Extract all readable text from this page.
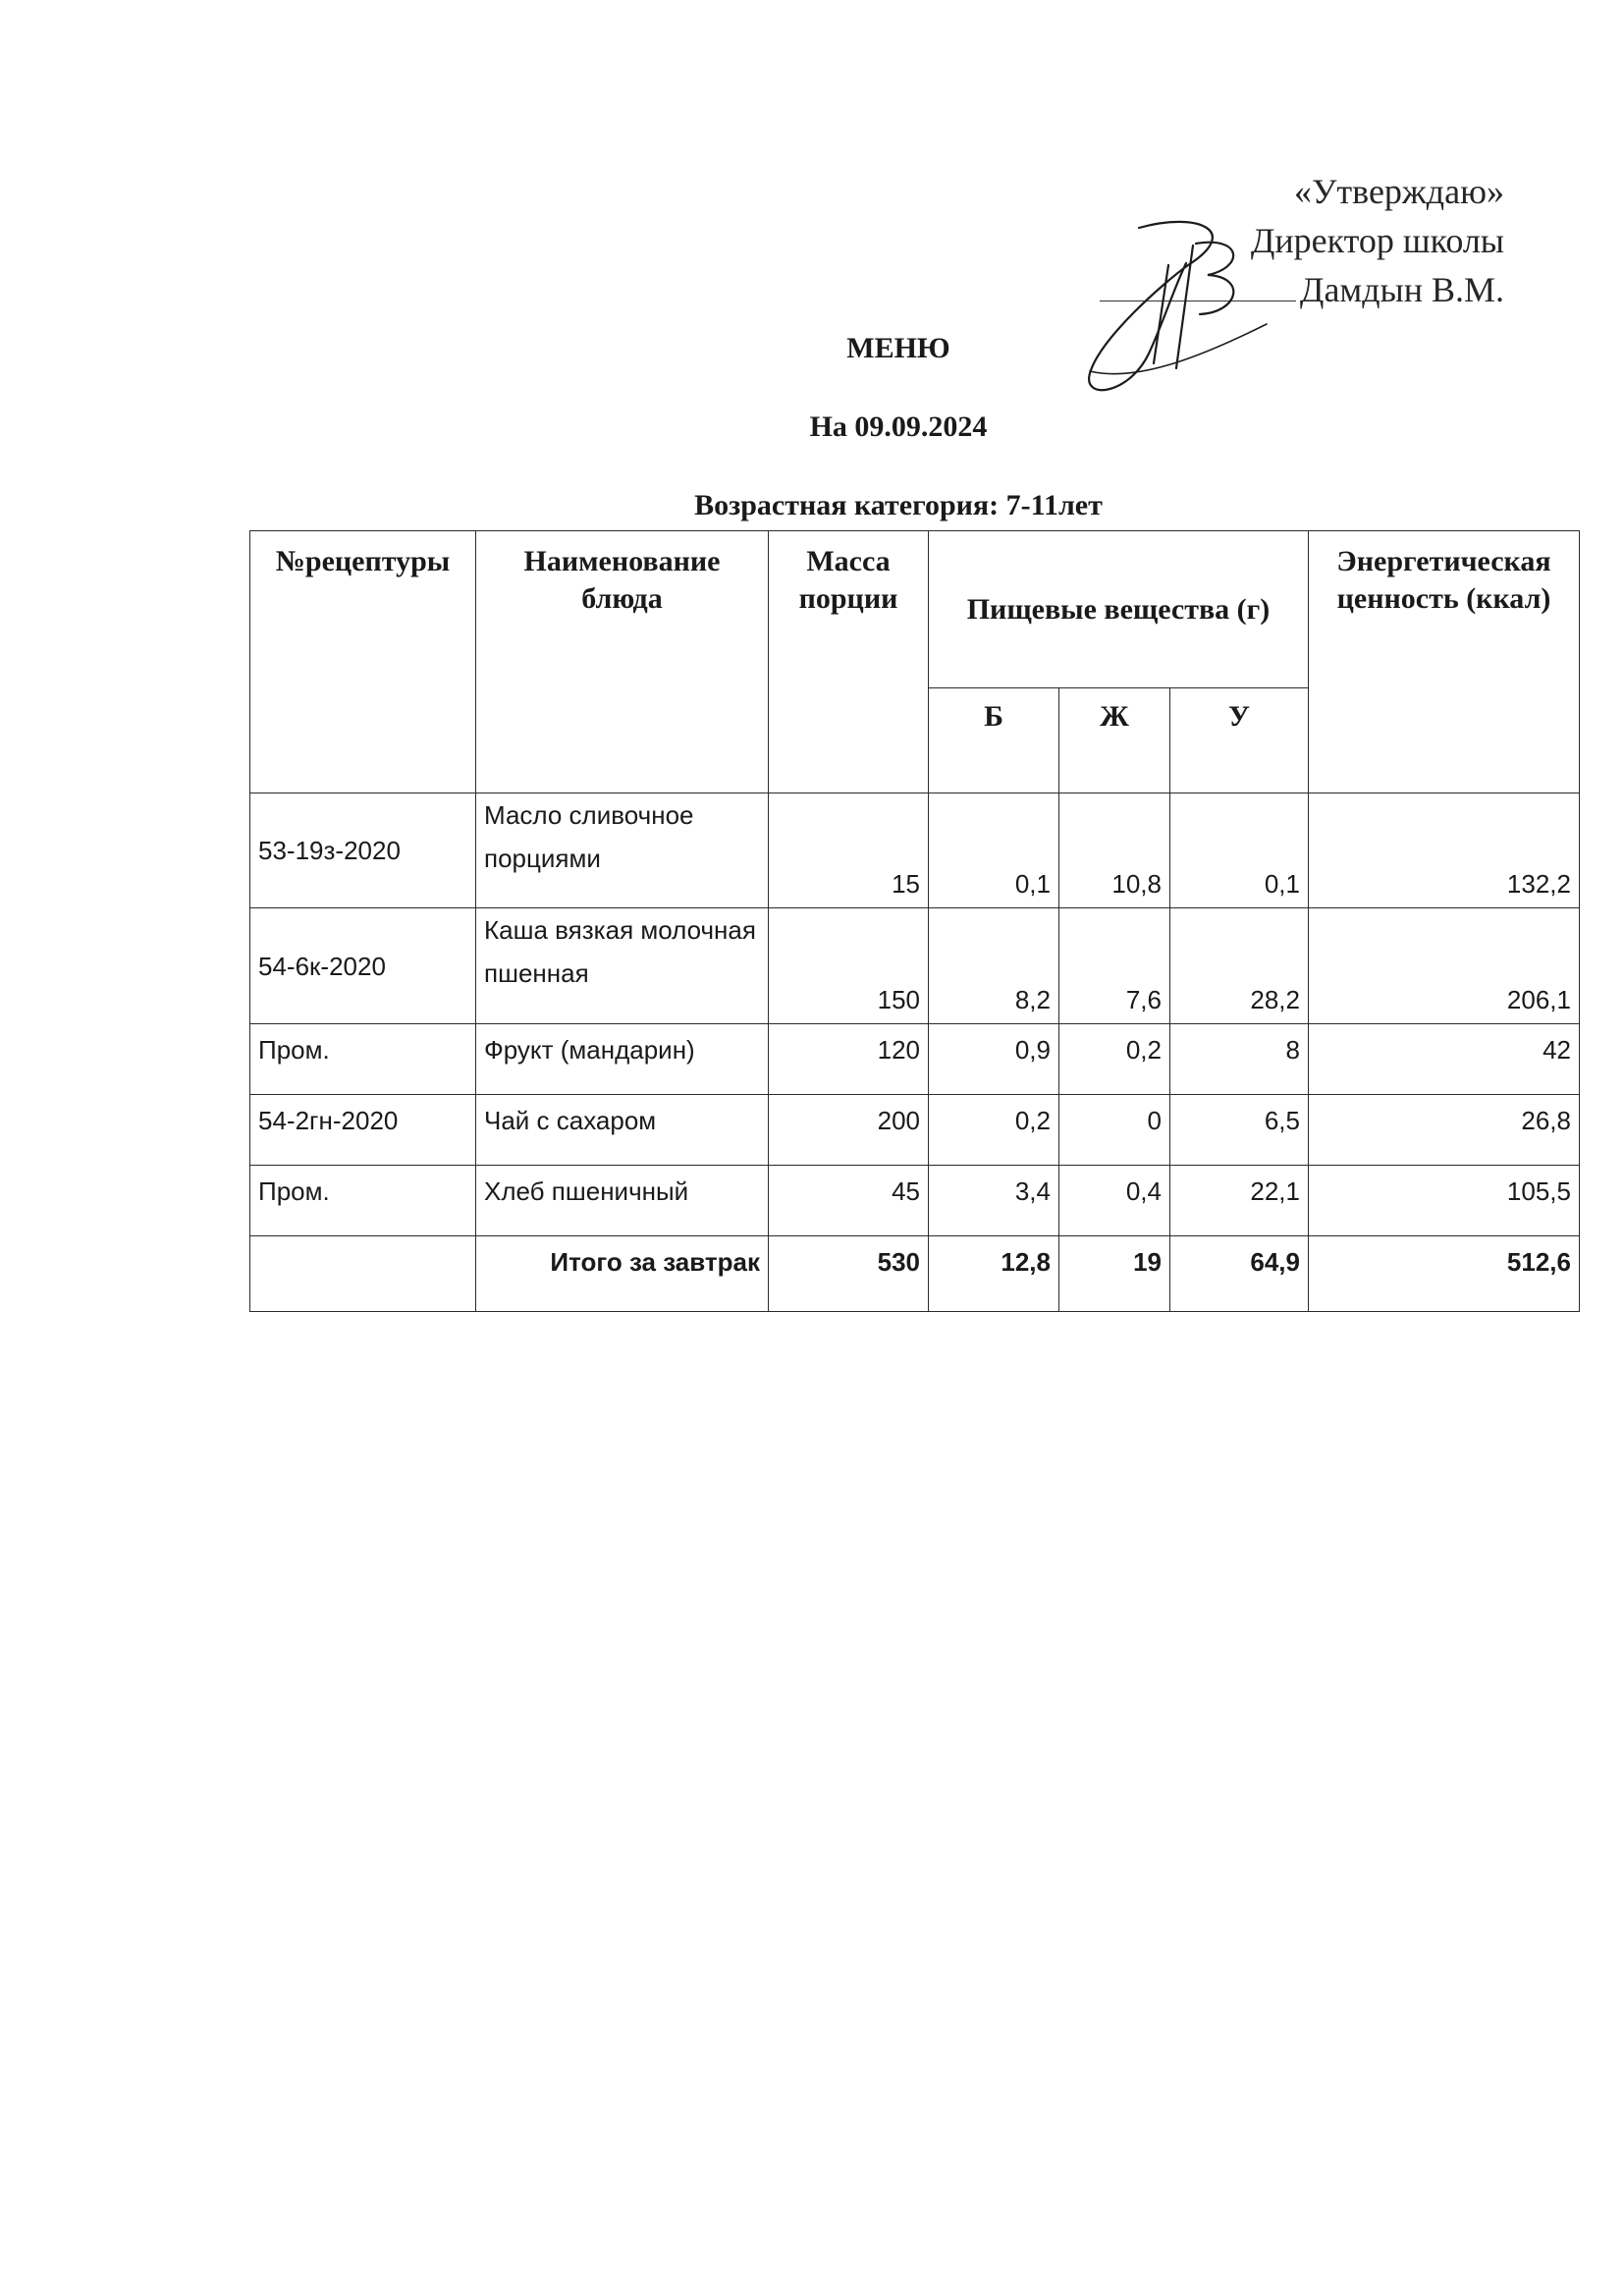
«Утверждаю»
Директор школы
Дамдын В.М.
МЕНЮ
На 09.09.2024
Возрастная категория: 7-11лет
№рецептуры	Наименование блюда	Масса порции	Пищевые вещества (г)			Энергетическая ценность (ккал)
			Б	Ж	У	
53-19з-2020	Масло сливочное порциями	15	0,1	10,8	0,1	132,2
54-6к-2020	Каша вязкая молочная пшенная	150	8,2	7,6	28,2	206,1
Пром.	Фрукт (мандарин)	120	0,9	0,2	8	42
54-2гн-2020	Чай с сахаром	200	0,2	0	6,5	26,8
Пром.	Хлеб пшеничный	45	3,4	0,4	22,1	105,5
	Итого за завтрак	530	12,8	19	64,9	512,6
